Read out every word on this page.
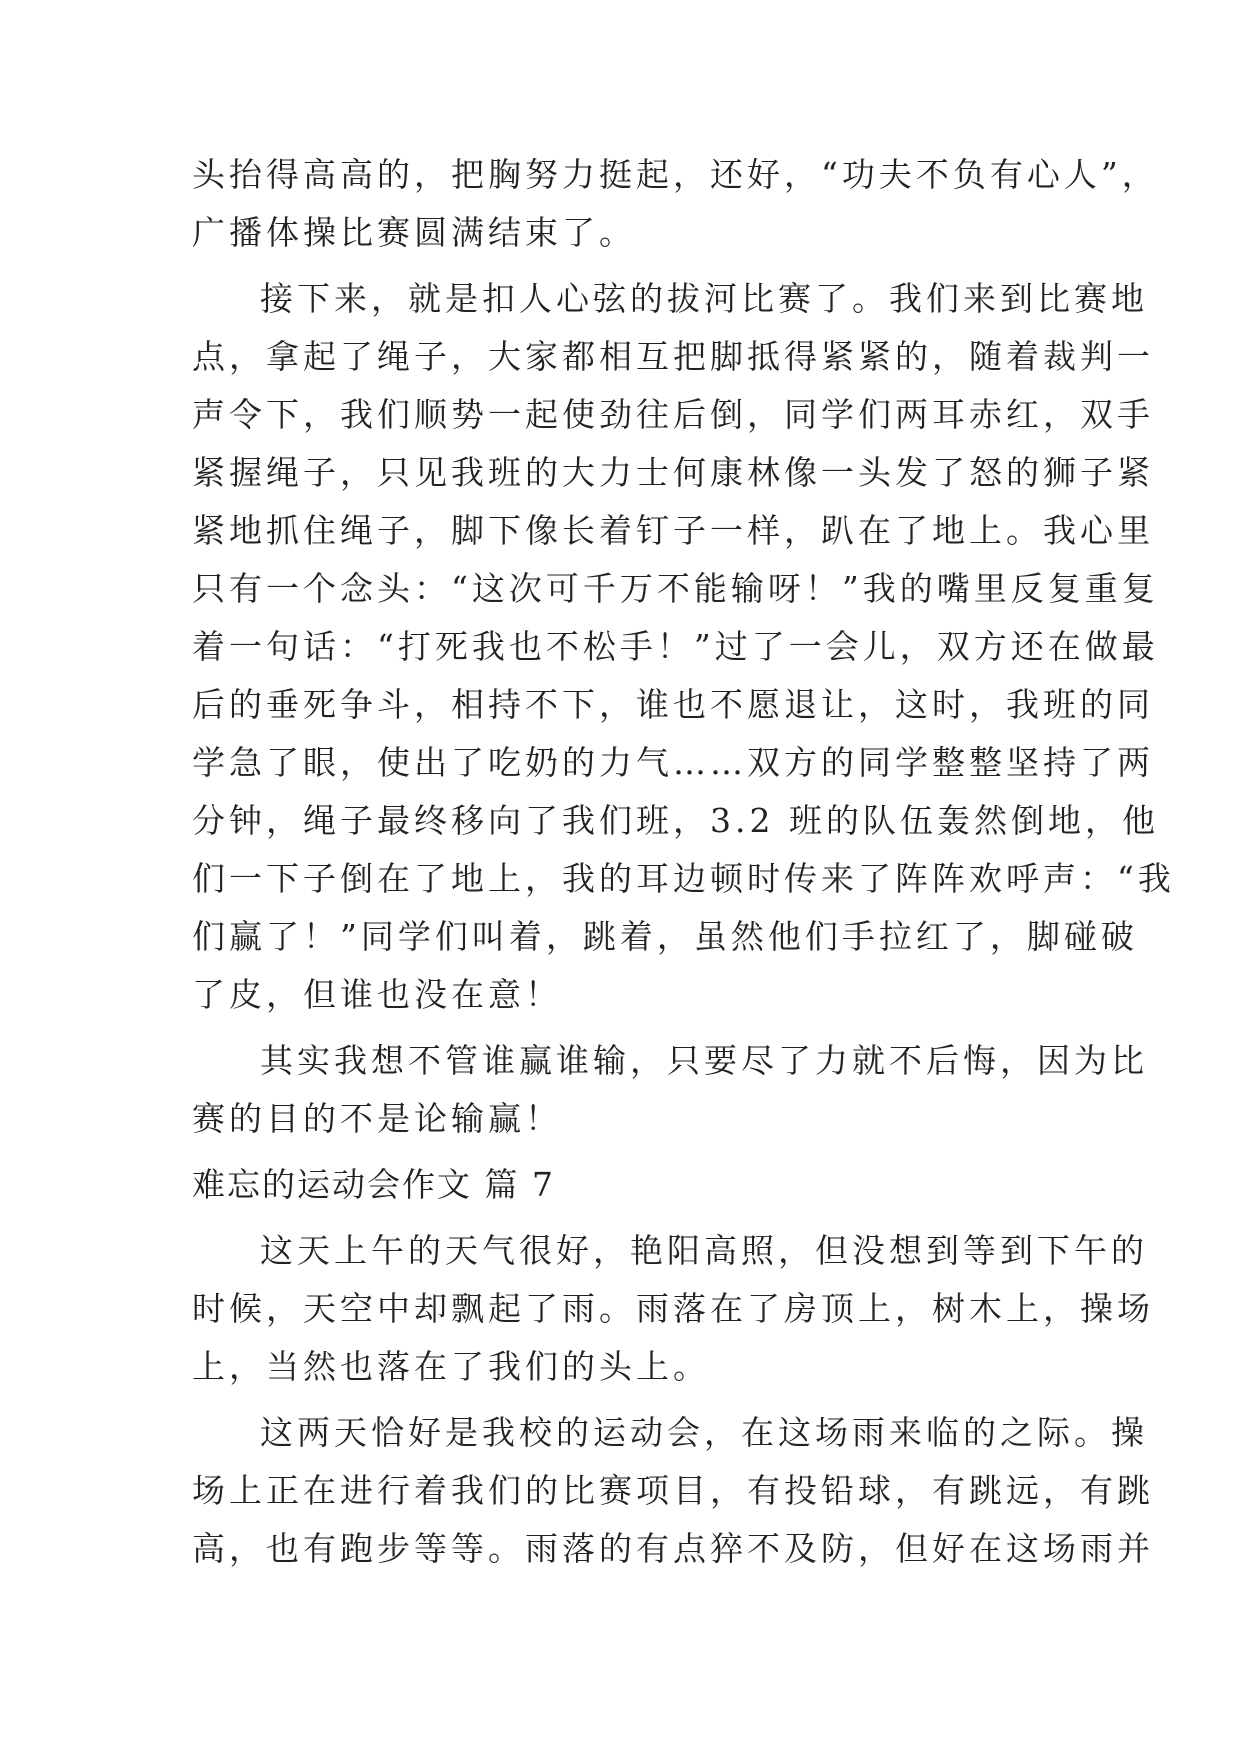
头抬得高高的，把胸努力挺起，还好，“功夫不负有心人”，
广播体操比赛圆满结束了。
接下来，就是扣人心弦的拔河比赛了。我们来到比赛地
点，拿起了绳子，大家都相互把脚抵得紧紧的，随着裁判一
声令下，我们顺势一起使劲往后倒，同学们两耳赤红，双手
紧握绳子，只见我班的大力士何康林像一头发了怒的狮子紧
紧地抓住绳子，脚下像长着钉子一样，趴在了地上。我心里
只有一个念头：“这次可千万不能输呀！”我的嘴里反复重复
着一句话：“打死我也不松手！”过了一会儿，双方还在做最
后的垂死争斗，相持不下，谁也不愿退让，这时，我班的同
学急了眼，使出了吃奶的力气……双方的同学整整坚持了两
分钟，绳子最终移向了我们班，3.2 班的队伍轰然倒地，他
们一下子倒在了地上，我的耳边顿时传来了阵阵欢呼声：“我
们赢了！”同学们叫着，跳着，虽然他们手拉红了，脚碰破
了皮，但谁也没在意！
其实我想不管谁赢谁输，只要尽了力就不后悔，因为比
赛的目的不是论输赢！
难忘的运动会作文 篇 7
这天上午的天气很好，艳阳高照，但没想到等到下午的
时候，天空中却飘起了雨。雨落在了房顶上，树木上，操场
上，当然也落在了我们的头上。
这两天恰好是我校的运动会，在这场雨来临的之际。操
场上正在进行着我们的比赛项目，有投铅球，有跳远，有跳
高，也有跑步等等。雨落的有点猝不及防，但好在这场雨并
